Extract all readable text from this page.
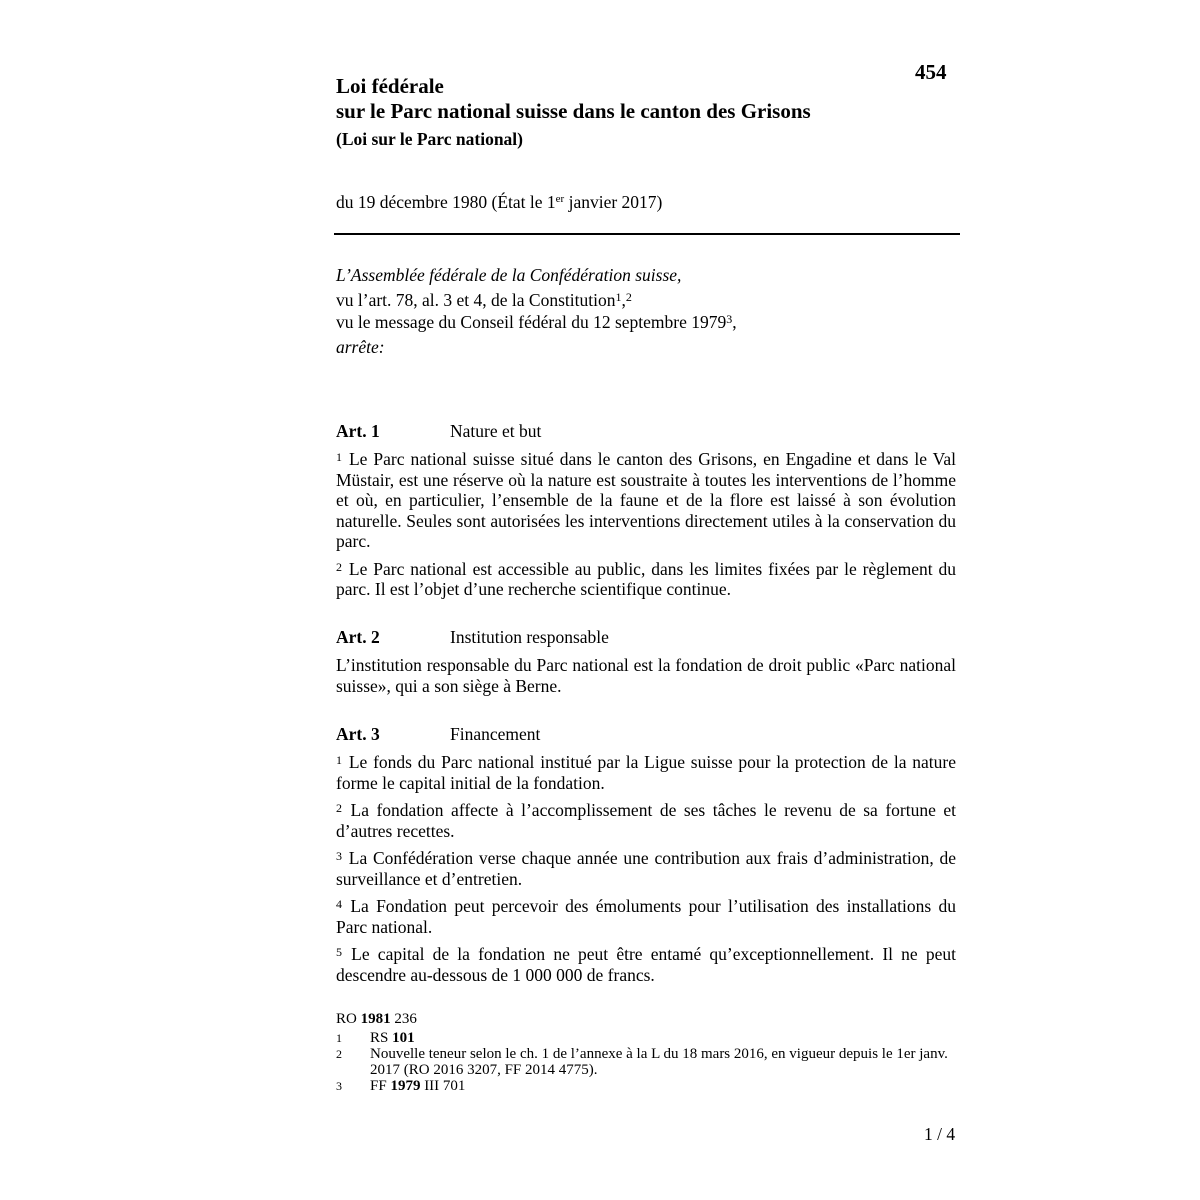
454
Loi fédérale
sur le Parc national suisse dans le canton des Grisons
(Loi sur le Parc national)
du 19 décembre 1980 (État le 1er janvier 2017)
L’Assemblée fédérale de la Confédération suisse,
vu l’art. 78, al. 3 et 4, de la Constitution$^1$,$^2$
vu le message du Conseil fédéral du 12 septembre 1979$^3$,
arrête:
Art. 1	Nature et but

$^1$ Le Parc national suisse situé dans le canton des Grisons, en Engadine et dans le Val Müstair, est une réserve où la nature est soustraite à toutes les interventions de l’homme et où, en particulier, l’ensemble de la faune et de la flore est laissé à son évolution naturelle. Seules sont autorisées les interventions directement utiles à la conservation du parc.

$^2$ Le Parc national est accessible au public, dans les limites fixées par le règlement du parc. Il est l’objet d’une recherche scientifique continue.

Art. 2	Institution responsable

L’institution responsable du Parc national est la fondation de droit public «Parc national suisse», qui a son siège à Berne.

Art. 3	Financement

$^1$ Le fonds du Parc national institué par la Ligue suisse pour la protection de la nature forme le capital initial de la fondation.

$^2$ La fondation affecte à l’accomplissement de ses tâches le revenu de sa fortune et d’autres recettes.

$^3$ La Confédération verse chaque année une contribution aux frais d’administration, de surveillance et d’entretien.

$^4$ La Fondation peut percevoir des émoluments pour l’utilisation des installations du Parc national.

$^5$ Le capital de la fondation ne peut être entamé qu’exceptionnellement. Il ne peut descendre au-dessous de 1 000 000 de francs.

RO 1981 236
1 RS 101
2 Nouvelle teneur selon le ch. 1 de l’annexe à la L du 18 mars 2016, en vigueur depuis le 1er janv. 2017 (RO 2016 3207, FF 2014 4775).
3 FF 1979 III 701
1 / 4
